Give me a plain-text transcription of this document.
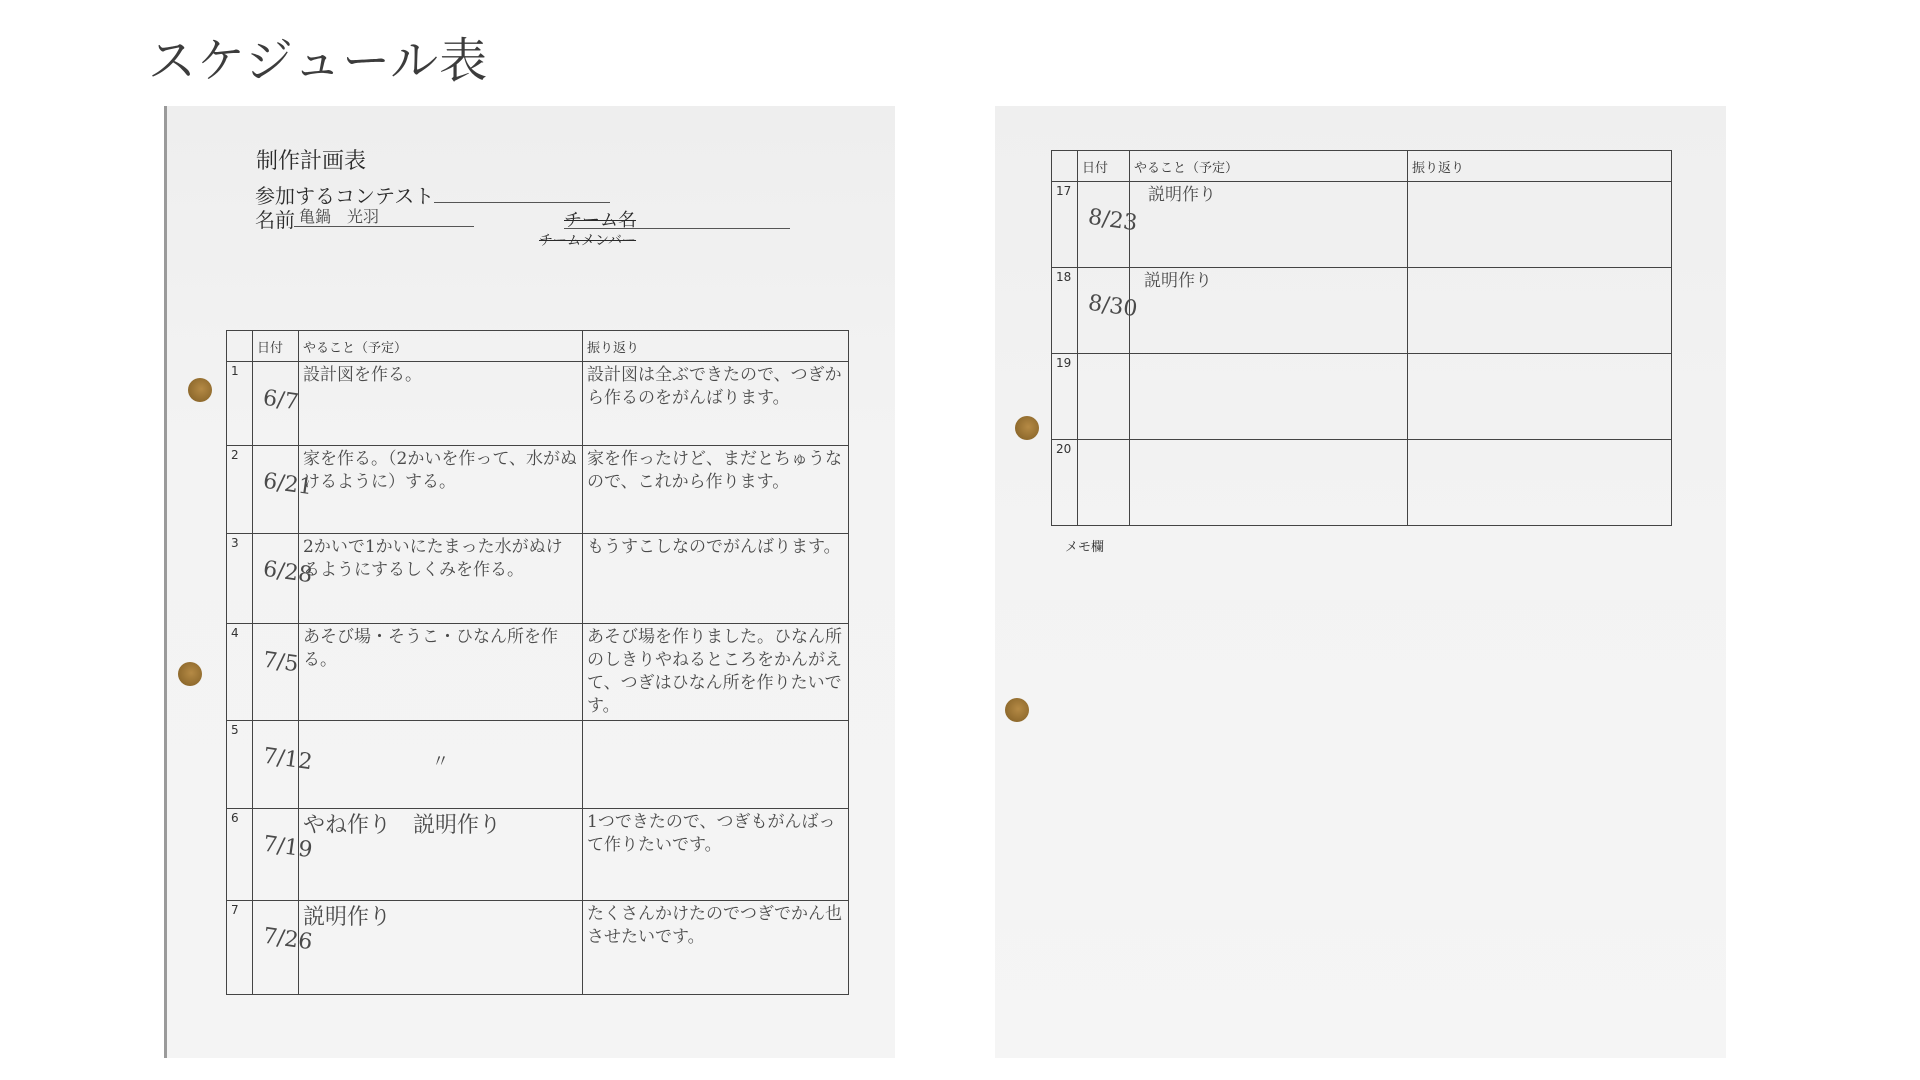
スケジュール表
制作計画表
参加するコンテスト
名前 亀鍋　光羽	チーム名
チームメンバー
	日付	やること（予定）	振り返り
1	6/7	設計図を作る。	設計図は全ぶできたので、つぎから作るのをがんばります。
2	6/21	家を作る。（2かいを作って、水がぬけるように）する。	家を作ったけど、まだとちゅうなので、これから作ります。
3	6/28	2かいで1かいにたまった水がぬけるようにするしくみを作る。	もうすこしなのでがんばります。
4	7/5	あそび場・そうこ・ひなん所を作る。	あそび場を作りました。ひなん所のしきりやねるところをかんがえて、つぎはひなん所を作りたいです。
5	7/12	〃	
6	7/19	やね作り　説明作り	1つできたので、つぎもがんばって作りたいです。
7	7/26	説明作り	たくさんかけたのでつぎでかん也させたいです。
	日付	やること（予定）	振り返り
17	8/23	説明作り	
18	8/30	説明作り	
19	

20	

メモ欄
